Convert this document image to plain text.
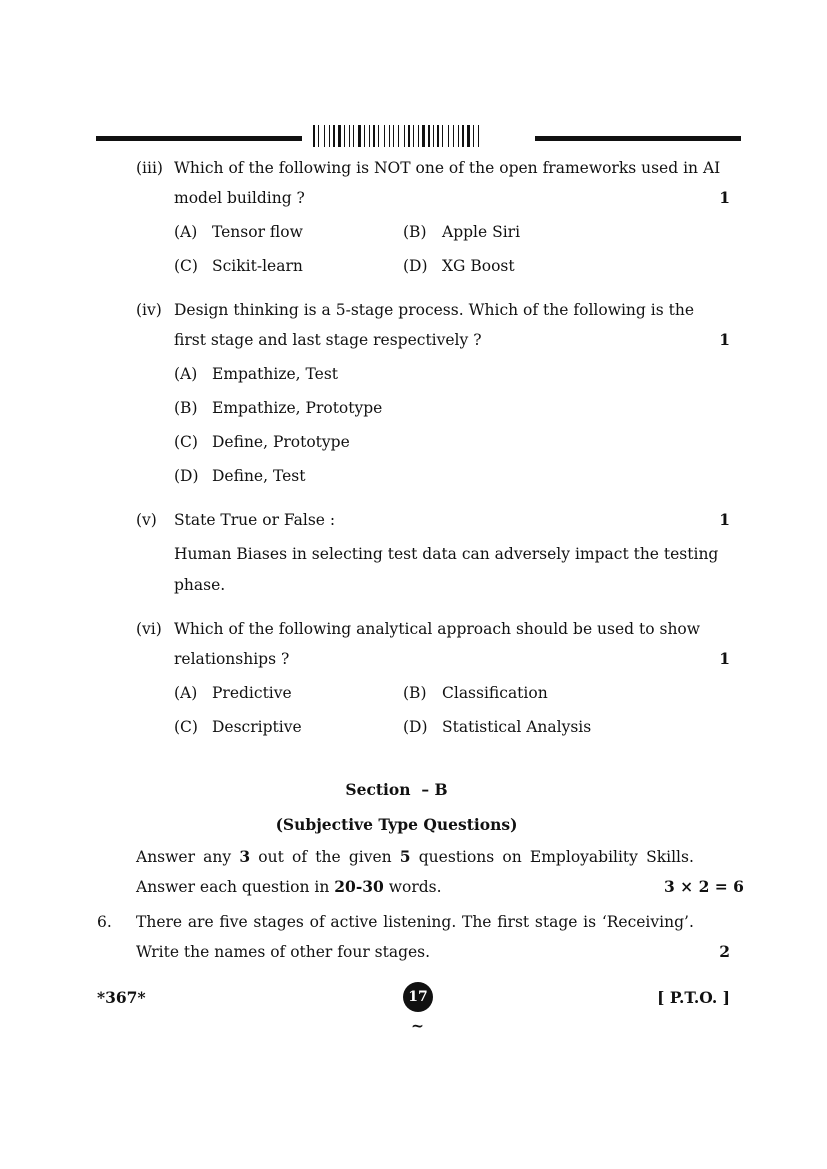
(iii) Which of the following is NOT one of the open frameworks used in AI
model building ?	1
(A) Tensor flow	(B) Apple Siri
(C) Scikit-learn	(D) XG Boost
(iv) Design thinking is a 5-stage process. Which of the following is the
first stage and last stage respectively ?	1
(A) Empathize, Test
(B) Empathize, Prototype
(C) Define, Prototype
(D) Define, Test
(v) State True or False :	1
Human Biases in selecting test data can adversely impact the testing
phase.
(vi) Which of the following analytical approach should be used to show
relationships ?	1
(A) Predictive	(B) Classification
(C) Descriptive	(D) Statistical Analysis
Section  – B
(Subjective Type Questions)
Answer any 3 out of the given 5 questions on Employability Skills.
Answer each question in 20-30 words.	3 × 2 = 6
6. There are five stages of active listening. The first stage is ‘Receiving’.
Write the names of other four stages.	2
*367*	17	[ P.T.O. ]
~
